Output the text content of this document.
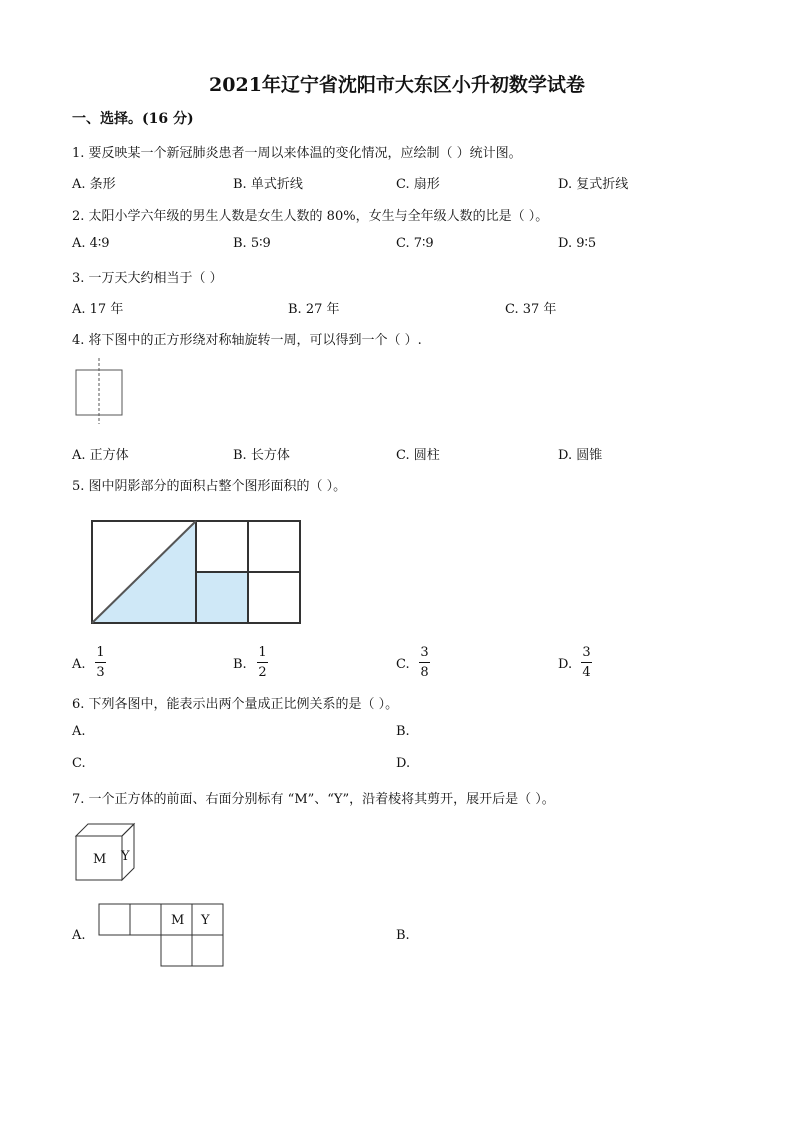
2021年辽宁省沈阳市大东区小升初数学试卷
一、选择。(16 分)
1. 要反映某一个新冠肺炎患者一周以来体温的变化情况，应绘制（ ）统计图。
A. 条形	B. 单式折线	C. 扇形	D. 复式折线
2. 太阳小学六年级的男生人数是女生人数的 80%，女生与全年级人数的比是（ ）。
A. 4∶9	B. 5∶9	C. 7∶9	D. 9∶5
3. 一万天大约相当于（ ）
A. 17 年	B. 27 年	C. 37 年
4. 将下图中的正方形绕对称轴旋转一周，可以得到一个（ ）.
A. 正方体	B. 长方体	C. 圆柱	D. 圆锥
5. 图中阴影部分的面积占整个图形面积的（ ）。
A.
1
3
B.
1
2
C.
3
8
D.
3
4
6. 下列各图中，能表示出两个量成正比例关系的是（ ）。
A.	B.
C.	D.
7. 一个正方体的前面、右面分别标有 “M”、“Y”，沿着棱将其剪开，展开后是（ ）。
M Y
A.
M Y
B.
